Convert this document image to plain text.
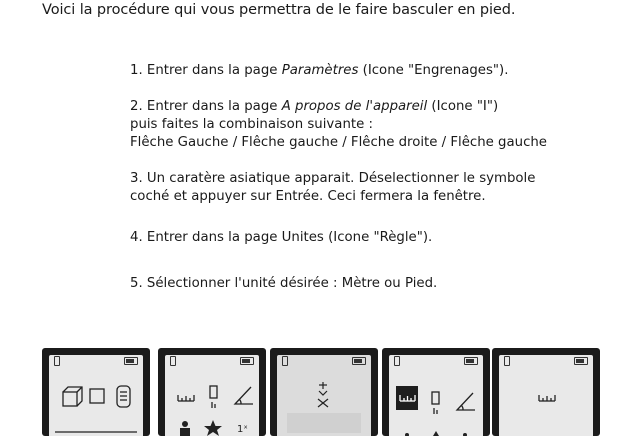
Voici la procédure qui vous permettra de le faire basculer en pied.
1. Entrer dans la page Paramètres (Icone "Engrenages").
2. Entrer dans la page A propos de l'appareil (Icone "I")
puis faites la combinaison suivante :
Flêche Gauche / Flêche gauche / Flêche droite / Flêche gauche
3. Un caratère asiatique apparait. Déselectionner le symbole
coché et appuyer sur Entrée. Ceci fermera la fenêtre.
4. Entrer dans la page Unites (Icone "Règle").
5. Sélectionner l'unité désirée : Mètre ou Pied.
1ˣ
